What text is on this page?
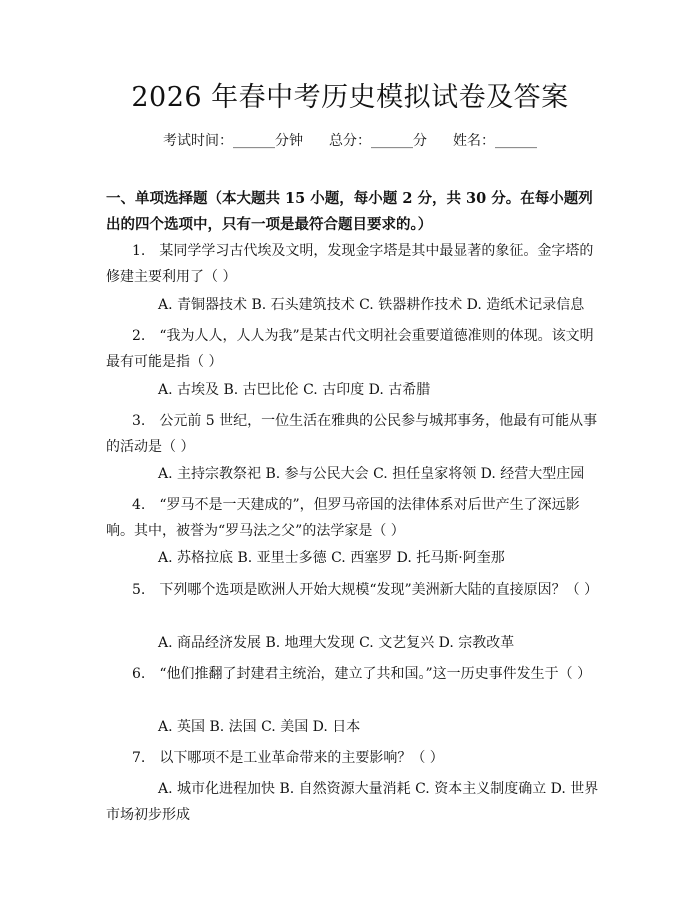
2026 年春中考历史模拟试卷及答案
考试时间：______分钟 总分：______分 姓名：______
一、单项选择题（本大题共 15 小题，每小题 2 分，共 30 分。在每小题列出的四个选项中，只有一项是最符合题目要求的。）
1.　某同学学习古代埃及文明，发现金字塔是其中最显著的象征。金字塔的修建主要利用了（ ）
A. 青铜器技术 B. 石头建筑技术 C. 铁器耕作技术 D. 造纸术记录信息
2.　“我为人人，人人为我”是某古代文明社会重要道德准则的体现。该文明最有可能是指（ ）
A. 古埃及 B. 古巴比伦 C. 古印度 D. 古希腊
3.　公元前 5 世纪，一位生活在雅典的公民参与城邦事务，他最有可能从事的活动是（ ）
A. 主持宗教祭祀 B. 参与公民大会 C. 担任皇家将领 D. 经营大型庄园
4.　“罗马不是一天建成的”，但罗马帝国的法律体系对后世产生了深远影响。其中，被誉为“罗马法之父”的法学家是（ ）
A. 苏格拉底 B. 亚里士多德 C. 西塞罗 D. 托马斯·阿奎那
5.　下列哪个选项是欧洲人开始大规模“发现”美洲新大陆的直接原因？（ ）
A. 商品经济发展 B. 地理大发现 C. 文艺复兴 D. 宗教改革
6.　“他们推翻了封建君主统治，建立了共和国。”这一历史事件发生于（ ）
A. 英国 B. 法国 C. 美国 D. 日本
7.　以下哪项不是工业革命带来的主要影响？（ ）
A. 城市化进程加快 B. 自然资源大量消耗 C. 资本主义制度确立 D. 世界市场初步形成
